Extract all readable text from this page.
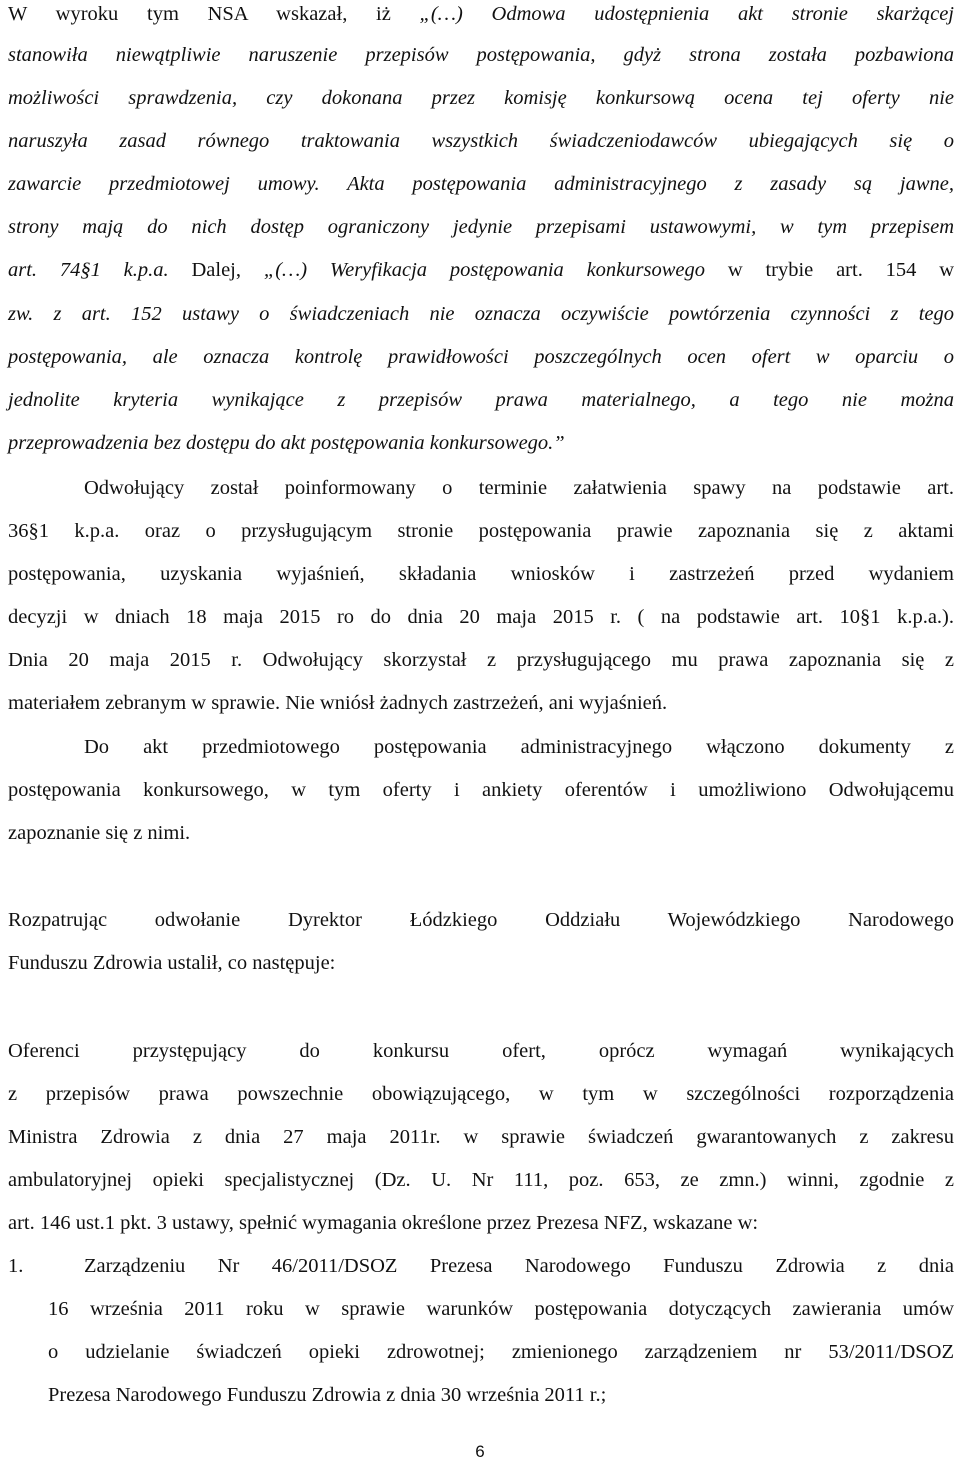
W wyroku tym NSA wskazał, iż „(…) Odmowa udostępnienia akt stronie skarżącej
stanowiła niewątpliwie naruszenie przepisów postępowania, gdyż strona została pozbawiona
możliwości sprawdzenia, czy dokonana przez komisję konkursową ocena tej oferty nie
naruszyła zasad równego traktowania wszystkich świadczeniodawców ubiegających się o
zawarcie przedmiotowej umowy. Akta postępowania administracyjnego z zasady są jawne,
strony mają do nich dostęp ograniczony jedynie przepisami ustawowymi, w tym przepisem
art. 74§1 k.p.a. Dalej, „(…) Weryfikacja postępowania konkursowego w trybie art. 154 w
zw. z art. 152 ustawy o świadczeniach nie oznacza oczywiście powtórzenia czynności z tego
postępowania, ale oznacza kontrolę prawidłowości poszczególnych ocen ofert w oparciu o
jednolite kryteria wynikające z przepisów prawa materialnego, a tego nie można
przeprowadzenia bez dostępu do akt postępowania konkursowego.”
Odwołujący został poinformowany o terminie załatwienia spawy na podstawie art.
36§1 k.p.a. oraz o przysługującym stronie postępowania prawie zapoznania się z aktami
postępowania, uzyskania wyjaśnień, składania wniosków i zastrzeżeń przed wydaniem
decyzji w dniach 18 maja 2015 ro do dnia 20 maja 2015 r. ( na podstawie art. 10§1 k.p.a.).
Dnia 20 maja 2015 r. Odwołujący skorzystał z przysługującego mu prawa zapoznania się z
materiałem zebranym w sprawie. Nie wniósł żadnych zastrzeżeń, ani wyjaśnień.
Do akt przedmiotowego postępowania administracyjnego włączono dokumenty z
postępowania konkursowego, w tym oferty i ankiety oferentów i umożliwiono Odwołującemu
zapoznanie się z nimi.
Rozpatrując odwołanie Dyrektor Łódzkiego Oddziału Wojewódzkiego Narodowego
Funduszu Zdrowia ustalił, co następuje:
Oferenci przystępujący do konkursu ofert, oprócz wymagań wynikających
z przepisów prawa powszechnie obowiązującego, w tym w szczególności rozporządzenia
Ministra Zdrowia z dnia 27 maja 2011r. w sprawie świadczeń gwarantowanych z zakresu
ambulatoryjnej opieki specjalistycznej (Dz. U. Nr 111, poz. 653, ze zmn.) winni, zgodnie z
art. 146 ust.1 pkt. 3 ustawy, spełnić wymagania określone przez Prezesa NFZ, wskazane w:
1.	Zarządzeniu Nr 46/2011/DSOZ Prezesa Narodowego Funduszu Zdrowia z dnia
16 września 2011 roku w sprawie warunków postępowania dotyczących zawierania umów
o udzielanie świadczeń opieki zdrowotnej; zmienionego zarządzeniem nr 53/2011/DSOZ
Prezesa Narodowego Funduszu Zdrowia z dnia 30 września 2011 r.;
6
